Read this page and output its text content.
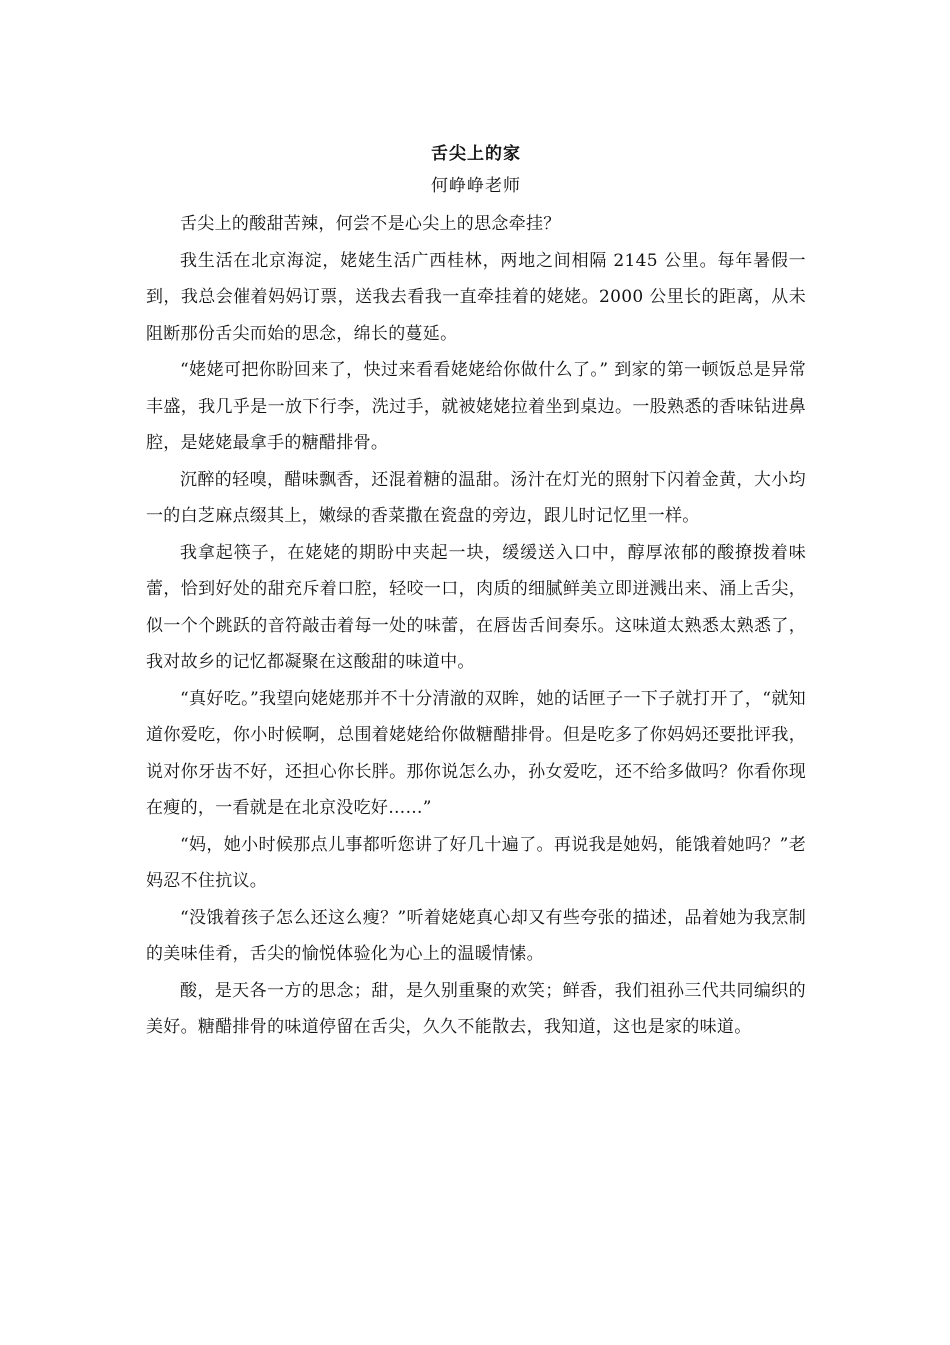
舌尖上的家
何峥峥老师

舌尖上的酸甜苦辣，何尝不是心尖上的思念牵挂？

我生活在北京海淀，姥姥生活广西桂林，两地之间相隔 2145 公里。每年暑假一到，我总会催着妈妈订票，送我去看我一直牵挂着的姥姥。2000 公里长的距离，从未阻断那份舌尖而始的思念，绵长的蔓延。

“姥姥可把你盼回来了，快过来看看姥姥给你做什么了。” 到家的第一顿饭总是异常丰盛，我几乎是一放下行李，洗过手，就被姥姥拉着坐到桌边。一股熟悉的香味钻进鼻腔，是姥姥最拿手的糖醋排骨。

沉醉的轻嗅，醋味飘香，还混着糖的温甜。汤汁在灯光的照射下闪着金黄，大小均一的白芝麻点缀其上，嫩绿的香菜撒在瓷盘的旁边，跟儿时记忆里一样。

我拿起筷子，在姥姥的期盼中夹起一块，缓缓送入口中，醇厚浓郁的酸撩拨着味蕾，恰到好处的甜充斥着口腔，轻咬一口，肉质的细腻鲜美立即迸溅出来、涌上舌尖，似一个个跳跃的音符敲击着每一处的味蕾，在唇齿舌间奏乐。这味道太熟悉太熟悉了，我对故乡的记忆都凝聚在这酸甜的味道中。

“真好吃。”我望向姥姥那并不十分清澈的双眸，她的话匣子一下子就打开了，“就知道你爱吃，你小时候啊，总围着姥姥给你做糖醋排骨。但是吃多了你妈妈还要批评我，说对你牙齿不好，还担心你长胖。那你说怎么办，孙女爱吃，还不给多做吗？你看你现在瘦的，一看就是在北京没吃好……”

“妈，她小时候那点儿事都听您讲了好几十遍了。再说我是她妈，能饿着她吗？”老妈忍不住抗议。

“没饿着孩子怎么还这么瘦？”听着姥姥真心却又有些夸张的描述，品着她为我烹制的美味佳肴，舌尖的愉悦体验化为心上的温暖情愫。

酸，是天各一方的思念；甜，是久别重聚的欢笑；鲜香，我们祖孙三代共同编织的美好。糖醋排骨的味道停留在舌尖，久久不能散去，我知道，这也是家的味道。
